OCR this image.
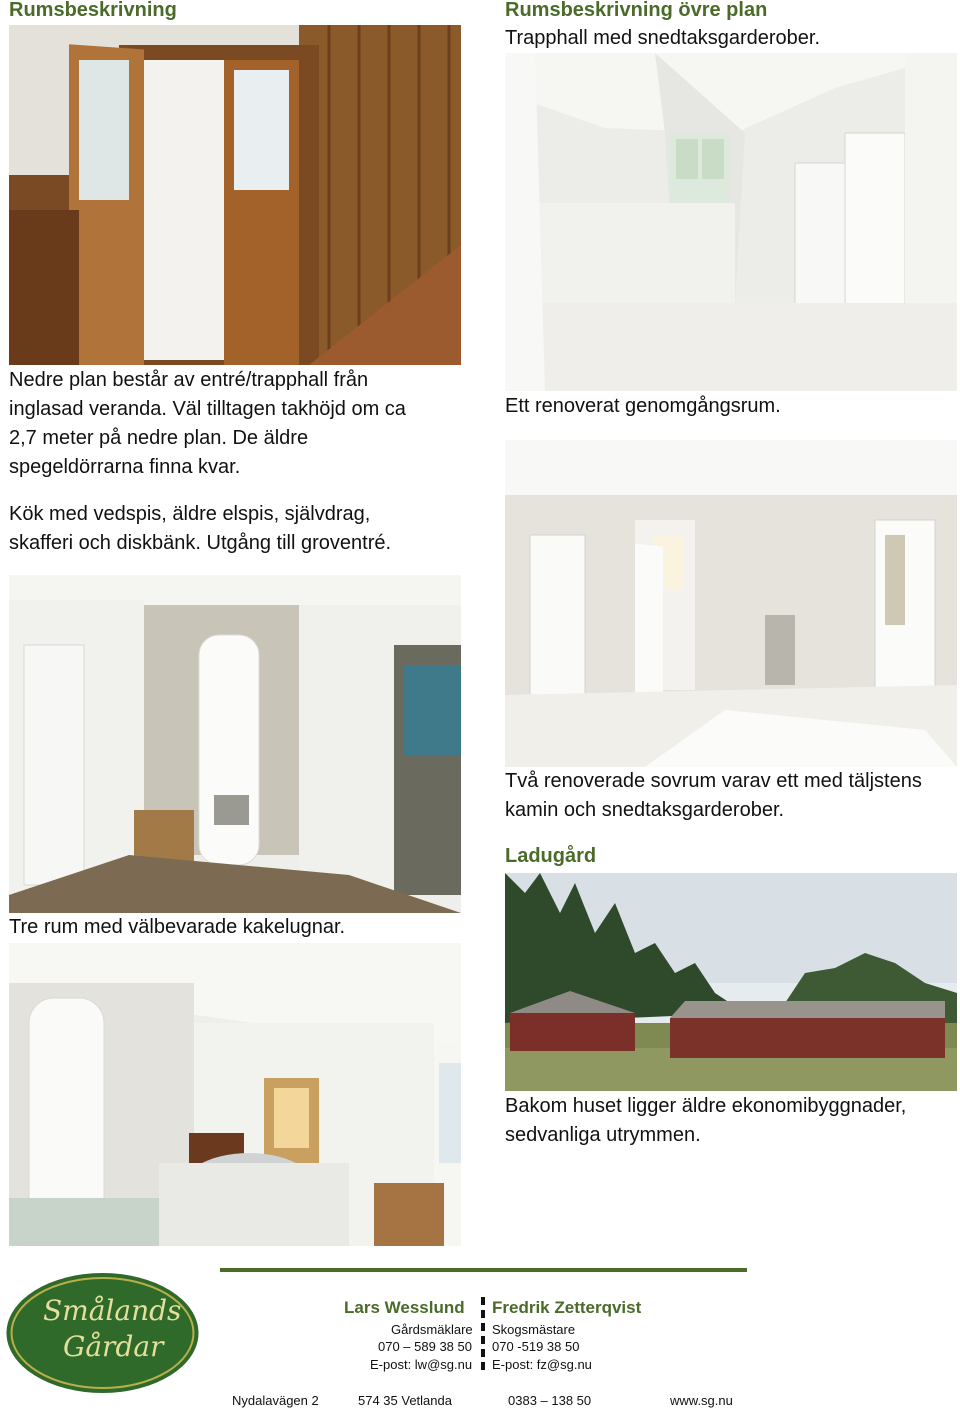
Rumsbeskrivning
Nedre plan består av entré/trapphall från
inglasad veranda. Väl tilltagen takhöjd om ca
2,7 meter på nedre plan. De äldre
spegeldörrarna finna kvar.
Kök med vedspis, äldre elspis, självdrag,
skafferi och diskbänk. Utgång till groventré.
Tre rum med välbevarade kakelugnar.
Rumsbeskrivning övre plan
Trapphall med snedtaksgarderober.
Ett renoverat genomgångsrum.
Två renoverade sovrum varav ett med täljstens
kamin och snedtaksgarderober.
Ladugård
Bakom huset ligger äldre ekonomibyggnader,
sedvanliga utrymmen.
Smålands
Gårdar
Lars Wesslund
Gårdsmäklare
070 – 589 38 50
E-post: lw@sg.nu
Fredrik Zetterqvist
Skogsmästare
070 -519 38 50
E-post: fz@sg.nu
Nydalavägen 2	574 35 Vetlanda	0383 – 138 50	www.sg.nu
